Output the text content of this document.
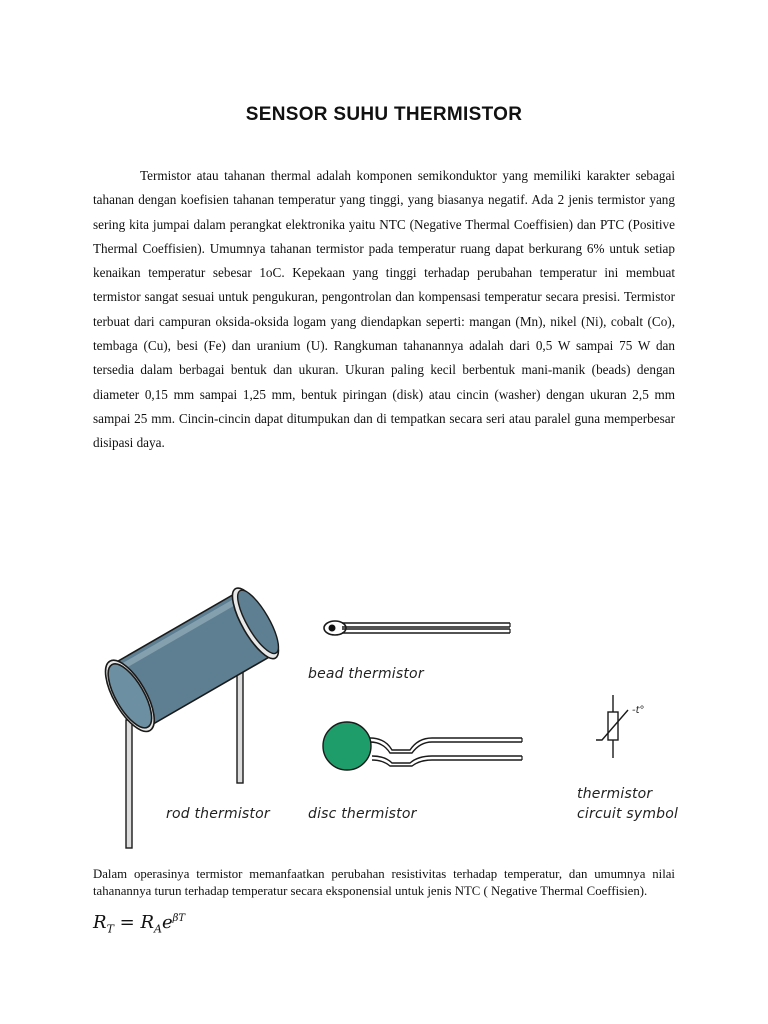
SENSOR SUHU THERMISTOR

Termistor atau tahanan thermal adalah komponen semikonduktor yang memiliki karakter sebagai tahanan dengan koefisien tahanan temperatur yang tinggi, yang biasanya negatif. Ada 2 jenis termistor yang sering kita jumpai dalam perangkat elektronika yaitu NTC (Negative Thermal Coeffisien) dan PTC (Positive Thermal Coeffisien). Umumnya tahanan termistor pada temperatur ruang dapat berkurang 6% untuk setiap kenaikan temperatur sebesar 1oC. Kepekaan yang tinggi terhadap perubahan temperatur ini membuat termistor sangat sesuai untuk pengukuran, pengontrolan dan kompensasi temperatur secara presisi. Termistor terbuat dari campuran oksida-oksida logam yang diendapkan seperti: mangan (Mn), nikel (Ni), cobalt (Co), tembaga (Cu), besi (Fe) dan uranium (U). Rangkuman tahanannya adalah dari 0,5 W sampai 75 W dan tersedia dalam berbagai bentuk dan ukuran. Ukuran paling kecil berbentuk mani-manik (beads) dengan diameter 0,15 mm sampai 1,25 mm, bentuk piringan (disk) atau cincin (washer) dengan ukuran 2,5 mm sampai 25 mm. Cincin-cincin dapat ditumpukan dan di tempatkan secara seri atau paralel guna memperbesar disipasi daya.

-t°
bead thermistor
rod thermistor	disc thermistor
thermistor
circuit symbol

Dalam operasinya termistor memanfaatkan perubahan resistivitas terhadap temperatur, dan umumnya nilai tahanannya turun terhadap temperatur secara eksponensial untuk jenis NTC ( Negative Thermal Coeffisien).

$R_T = R_Ae^{\beta T}$
